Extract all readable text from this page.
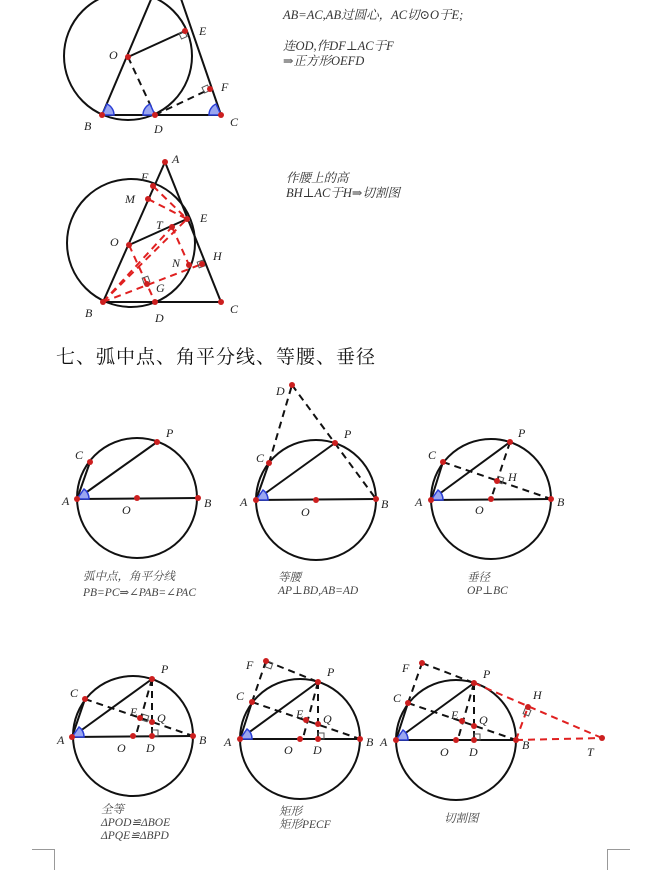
O
E
F
B	D	C
A
F
M
E
T
O
H
N
G
B	D
C
P
C
A
O	B
D
P
C
A
O
B
P
C
H
A
O
B
P
C
E Q
A
O D
B
F	P
C
E Q
A
O D
B
F	P
H
C
E Q
A
O D	B	T
AB=AC,AB过圆心，AC切⊙O于E;
连OD,作DF⊥AC于F
⇒正方形OEFD
作腰上的高
BH⊥AC于H⇒切割图
七、弧中点、角平分线、等腰、垂径
弧中点，角平分线
PB=PC⇒∠PAB=∠PAC
等腰
AP⊥BD,AB=AD
垂径
OP⊥BC
全等
ΔPOD≌ΔBOE
ΔPQE≌ΔBPD
矩形
矩形PECF	切割图
